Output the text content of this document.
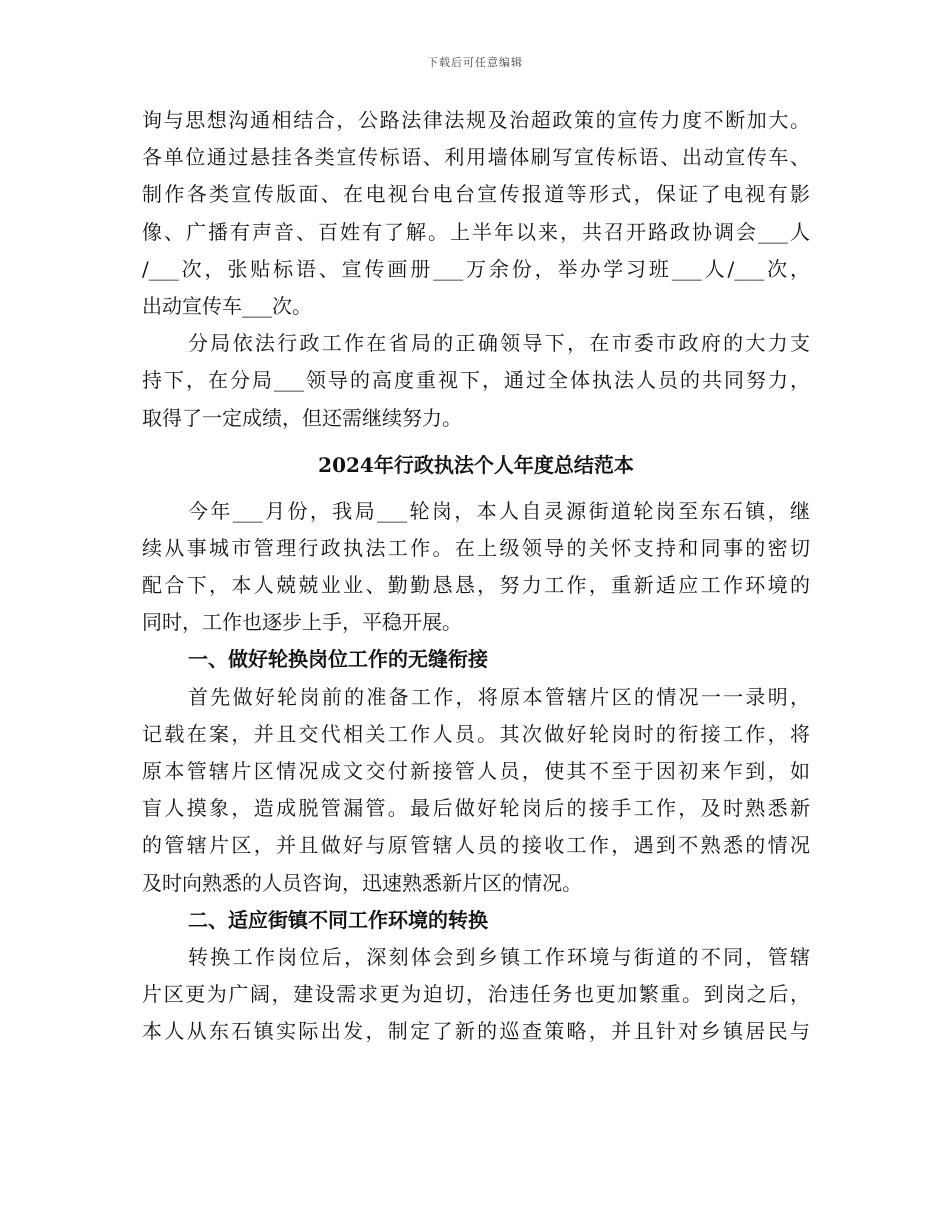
下载后可任意编辑
询与思想沟通相结合，公路法律法规及治超政策的宣传力度不断加大。
各单位通过悬挂各类宣传标语、利用墙体刷写宣传标语、出动宣传车、
制作各类宣传版面、在电视台电台宣传报道等形式，保证了电视有影
像、广播有声音、百姓有了解。上半年以来，共召开路政协调会___人
/___次，张贴标语、宣传画册___万余份，举办学习班___人/___次，
出动宣传车___次。
分局依法行政工作在省局的正确领导下，在市委市政府的大力支
持下，在分局___领导的高度重视下，通过全体执法人员的共同努力，
取得了一定成绩，但还需继续努力。
2024年行政执法个人年度总结范本
今年___月份，我局___轮岗，本人自灵源街道轮岗至东石镇，继
续从事城市管理行政执法工作。在上级领导的关怀支持和同事的密切
配合下，本人兢兢业业、勤勤恳恳，努力工作，重新适应工作环境的
同时，工作也逐步上手，平稳开展。
一、做好轮换岗位工作的无缝衔接
首先做好轮岗前的准备工作，将原本管辖片区的情况一一录明，
记载在案，并且交代相关工作人员。其次做好轮岗时的衔接工作，将
原本管辖片区情况成文交付新接管人员，使其不至于因初来乍到，如
盲人摸象，造成脱管漏管。最后做好轮岗后的接手工作，及时熟悉新
的管辖片区，并且做好与原管辖人员的接收工作，遇到不熟悉的情况
及时向熟悉的人员咨询，迅速熟悉新片区的情况。
二、适应街镇不同工作环境的转换
转换工作岗位后，深刻体会到乡镇工作环境与街道的不同，管辖
片区更为广阔，建设需求更为迫切，治违任务也更加繁重。到岗之后，
本人从东石镇实际出发，制定了新的巡查策略，并且针对乡镇居民与
